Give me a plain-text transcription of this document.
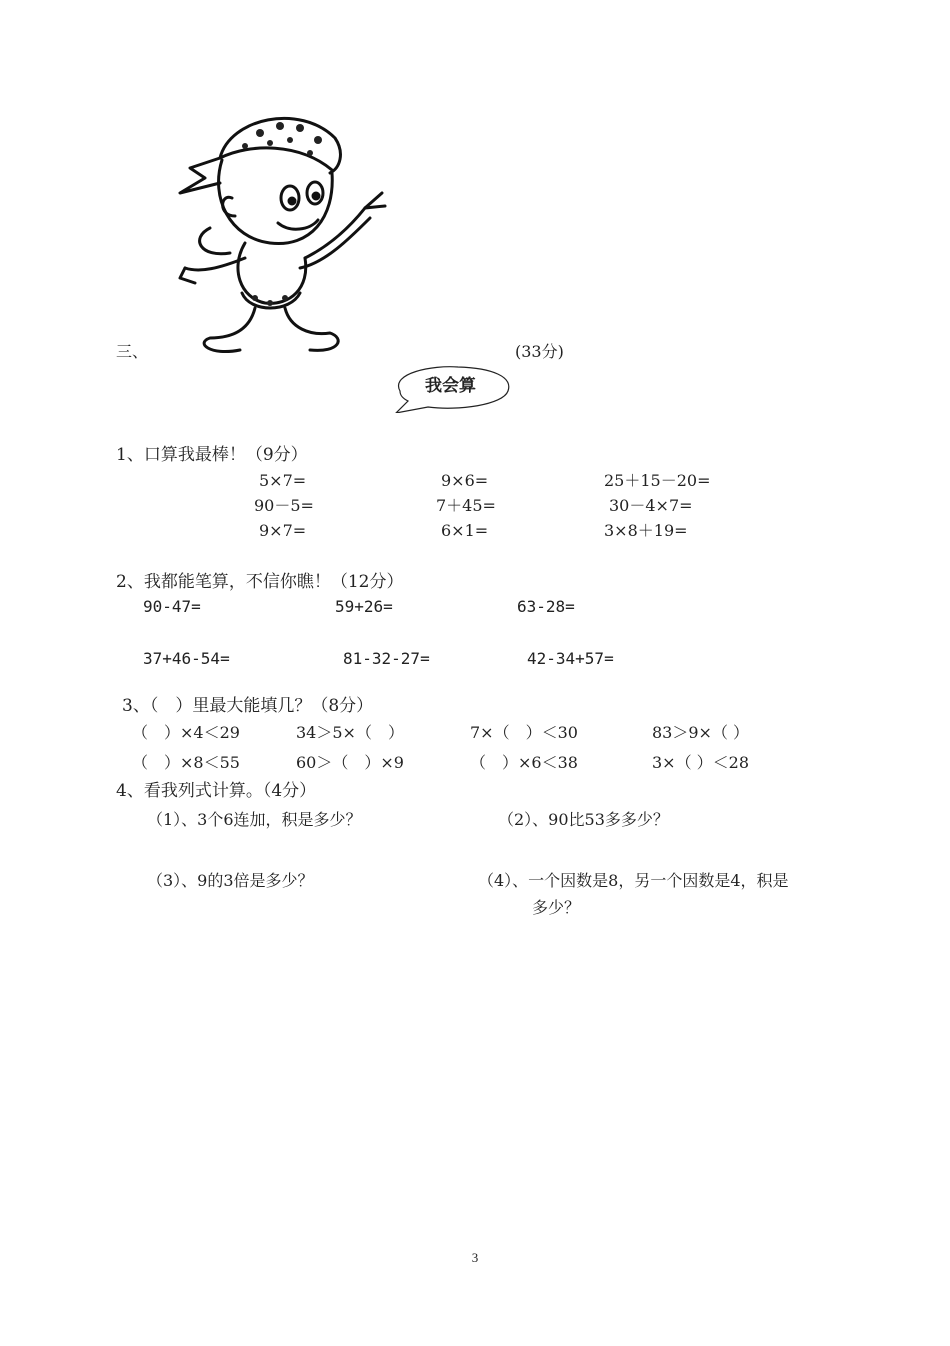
三、	(33分)
我会算
1、口算我最棒！（9分）
5×7=	9×6=	25＋15－20=
90－5=	7＋45=	30－4×7=
9×7=	6×1=	3×8＋19=
2、我都能笔算，不信你瞧！（12分）
90-47=	59+26=	63-28=
37+46-54=	81-32-27=	42-34+57=
3、（　）里最大能填几？（8分）
（　）×4＜29	34＞5×（　）	7×（　）＜30	83＞9×（ ）
（　）×8＜55	60＞（　）×9	（　）×6＜38	3×（ ）＜28
4、看我列式计算。（4分）
（1）、3个6连加，积是多少？	（2）、90比53多多少？
（3）、9的3倍是多少？	（4）、一个因数是8，另一个因数是4，积是
多少？
3
